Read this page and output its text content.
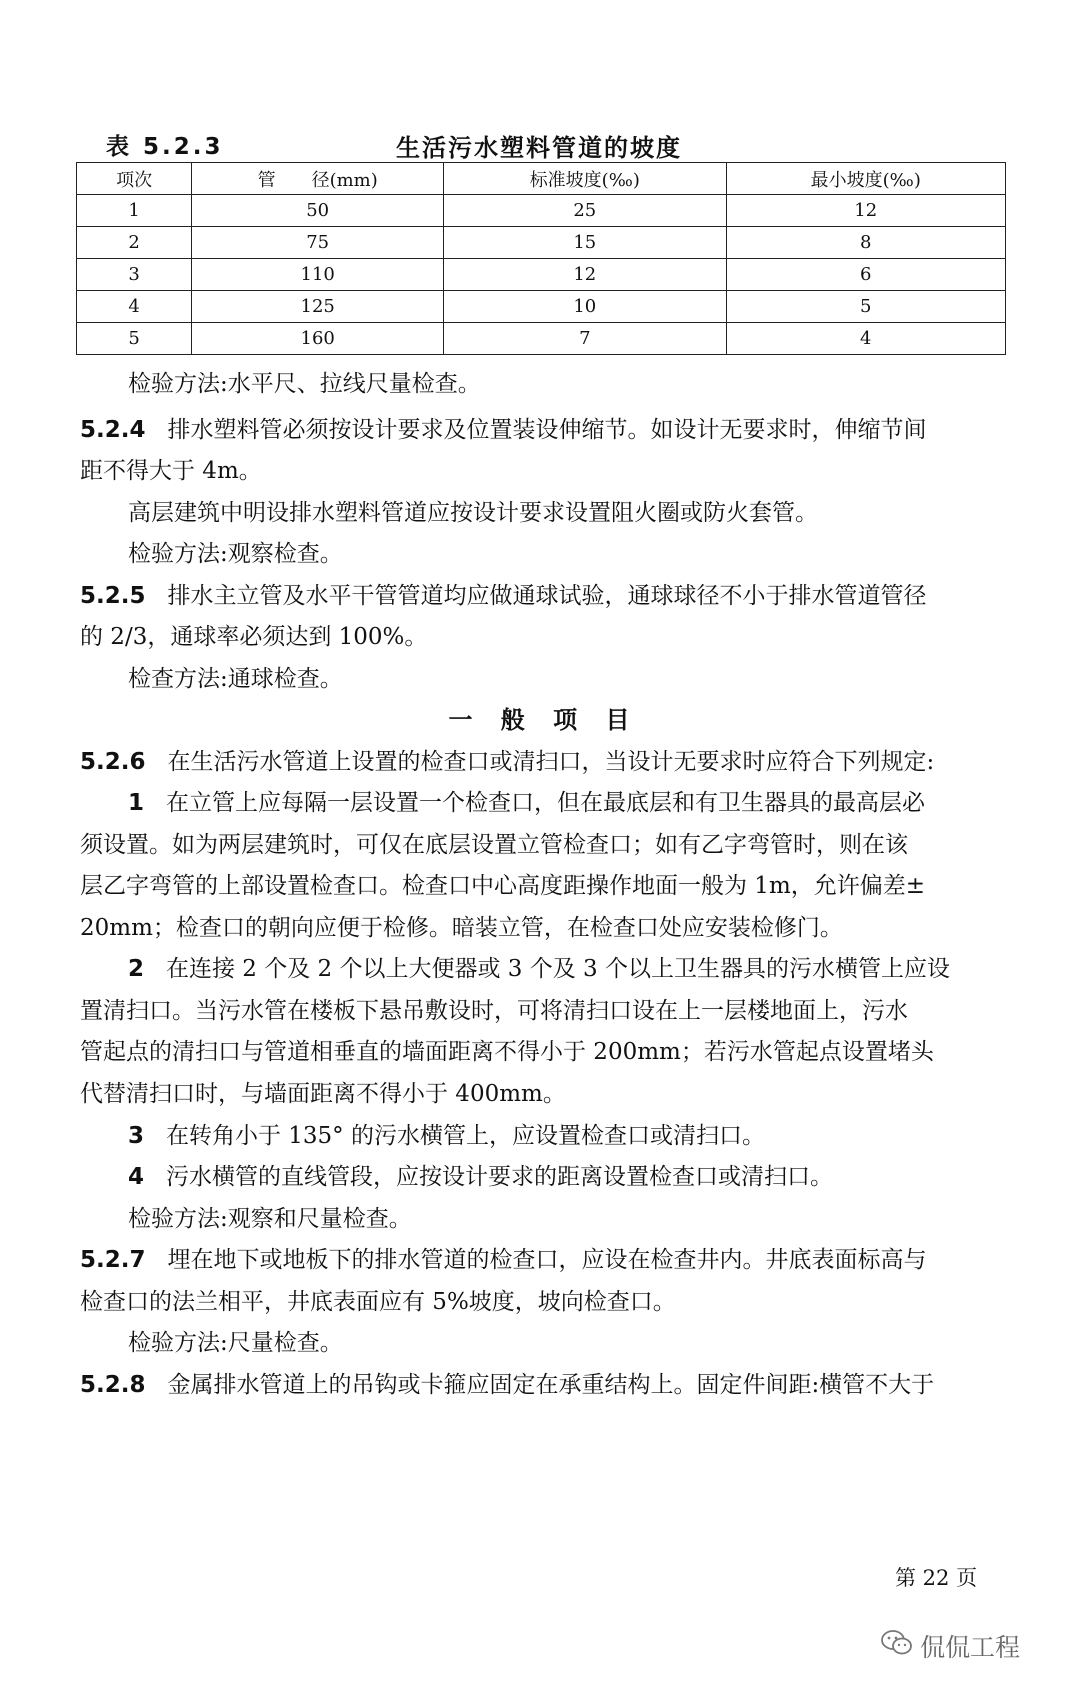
表 5.2.3	生活污水塑料管道的坡度
项次	管　　径(mm)	标准坡度(‰)	最小坡度(‰)
1	50	25	12
2	75	15	8
3	110	12	6
4	125	10	5
5	160	7	4
检验方法:水平尺、拉线尺量检查。
5.2.4 排水塑料管必须按设计要求及位置装设伸缩节。如设计无要求时，伸缩节间
距不得大于 4m。
高层建筑中明设排水塑料管道应按设计要求设置阻火圈或防火套管。
检验方法:观察检查。
5.2.5 排水主立管及水平干管管道均应做通球试验，通球球径不小于排水管道管径
的 2/3，通球率必须达到 100%。
检查方法:通球检查。
一 般 项 目
5.2.6 在生活污水管道上设置的检查口或清扫口，当设计无要求时应符合下列规定:
1 在立管上应每隔一层设置一个检查口，但在最底层和有卫生器具的最高层必
须设置。如为两层建筑时，可仅在底层设置立管检查口；如有乙字弯管时，则在该
层乙字弯管的上部设置检查口。检查口中心高度距操作地面一般为 1m，允许偏差±
20mm；检查口的朝向应便于检修。暗装立管，在检查口处应安装检修门。
2 在连接 2 个及 2 个以上大便器或 3 个及 3 个以上卫生器具的污水横管上应设
置清扫口。当污水管在楼板下悬吊敷设时，可将清扫口设在上一层楼地面上，污水
管起点的清扫口与管道相垂直的墙面距离不得小于 200mm；若污水管起点设置堵头
代替清扫口时，与墙面距离不得小于 400mm。
3 在转角小于 135° 的污水横管上，应设置检查口或清扫口。
4 污水横管的直线管段，应按设计要求的距离设置检查口或清扫口。
检验方法:观察和尺量检查。
5.2.7 埋在地下或地板下的排水管道的检查口，应设在检查井内。井底表面标高与
检查口的法兰相平，井底表面应有 5%坡度，坡向检查口。
检验方法:尺量检查。
5.2.8 金属排水管道上的吊钩或卡箍应固定在承重结构上。固定件间距:横管不大于
第 22 页
侃侃工程
